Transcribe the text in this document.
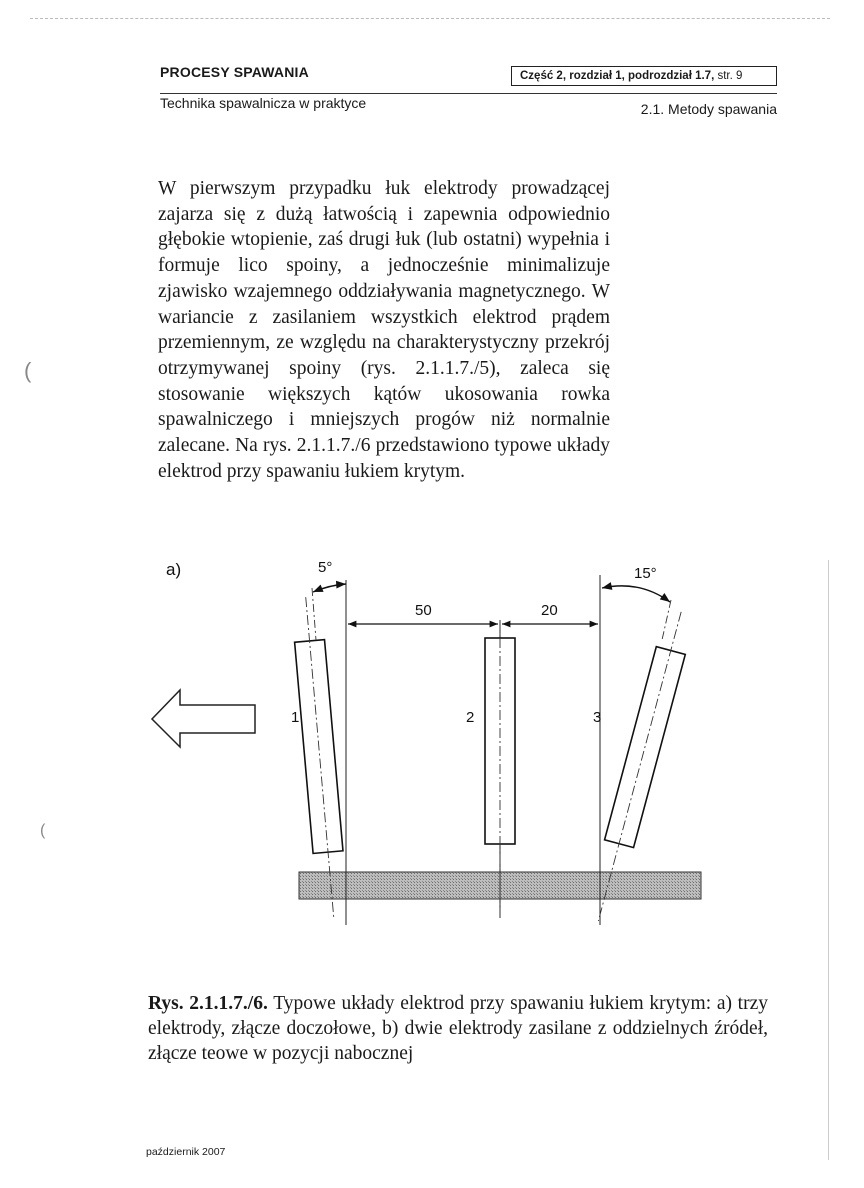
PROCESY SPAWANIA	Część 2, rozdział 1, podrozdział 1.7, str. 9
Technika spawalnicza w praktyce	2.1. Metody spawania
W pierwszym przypadku łuk elektrody prowadzącej zajarza się z dużą łatwością i zapewnia odpowiednio głębokie wtopienie, zaś drugi łuk (lub ostatni) wypełnia i formuje lico spoiny, a jednocześnie minimalizuje zjawisko wzajemnego oddziaływania magnetycznego. W wariancie z zasilaniem wszystkich elektrod prądem przemiennym, ze względu na charakterystyczny przekrój otrzymywanej spoiny (rys. 2.1.1.7./5), zaleca się stosowanie większych kątów ukosowania rowka spawalniczego i mniejszych progów niż normalnie zalecane. Na rys. 2.1.1.7./6 przedstawiono typowe układy elektrod przy spawaniu łukiem krytym.
(
(
a)	5°	15°
50	20
1	2	3
Rys. 2.1.1.7./6. Typowe układy elektrod przy spawaniu łukiem krytym: a) trzy elektrody, złącze doczołowe, b) dwie elektrody zasilane z oddzielnych źródeł, złącze teowe w pozycji nabocznej
październik 2007
